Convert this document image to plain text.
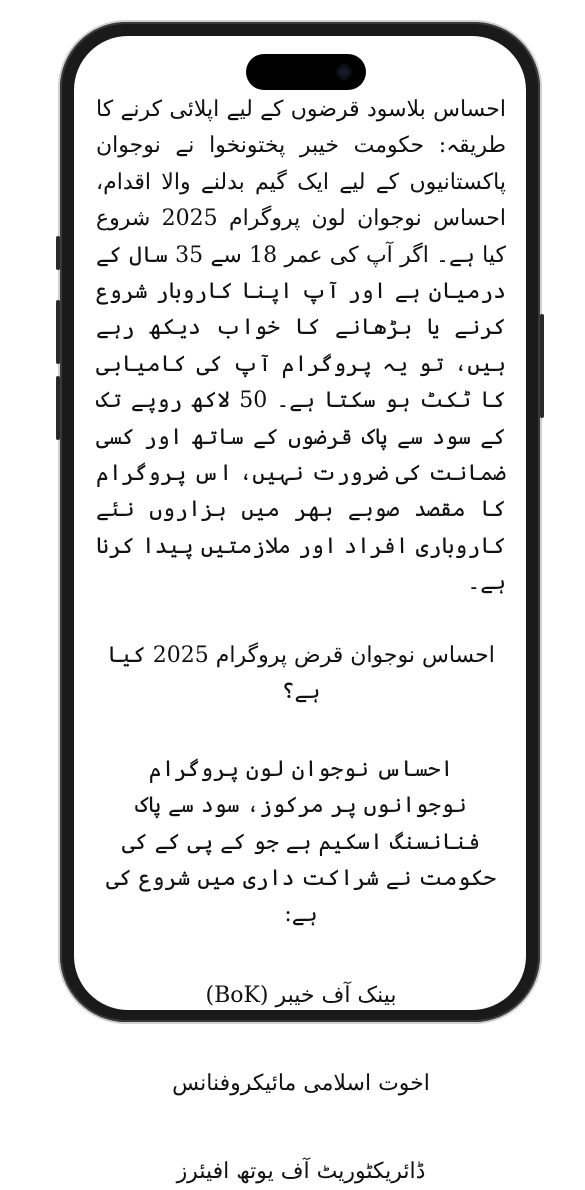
احساس بلاسود قرضوں کے لیے اپلائی کرنے کا طریقہ: حکومت خیبر پختونخوا نے نوجوان پاکستانیوں کے لیے ایک گیم بدلنے والا اقدام، احساس نوجوان لون پروگرام 2025 شروع کیا ہے۔ اگر آپ کی عمر 18 سے 35 سال کے درمیان ہے اور آپ اپنا کاروبار شروع کرنے یا بڑھانے کا خواب دیکھ رہے ہیں، تو یہ پروگرام آپ کی کامیابی کا ٹکٹ ہو سکتا ہے۔ 50 لاکھ روپے تک کے سود سے پاک قرضوں کے ساتھ اور کسی ضمانت کی ضرورت نہیں، اس پروگرام کا مقصد صوبے بھر میں ہزاروں نئے کاروباری افراد اور ملازمتیں پیدا کرنا ہے۔

احساس نوجوان قرض پروگرام 2025 کیا ہے؟

احساس نوجوان لون پروگرام نوجوانوں پر مرکوز، سود سے پاک فنانسنگ اسکیم ہے جو کے پی کے کی حکومت نے شراکت داری میں شروع کی ہے:

بینک آف خیبر (BoK)

اخوت اسلامی مائیکروفنانس

ڈائریکٹوریٹ آف یوتھ افیئرز
